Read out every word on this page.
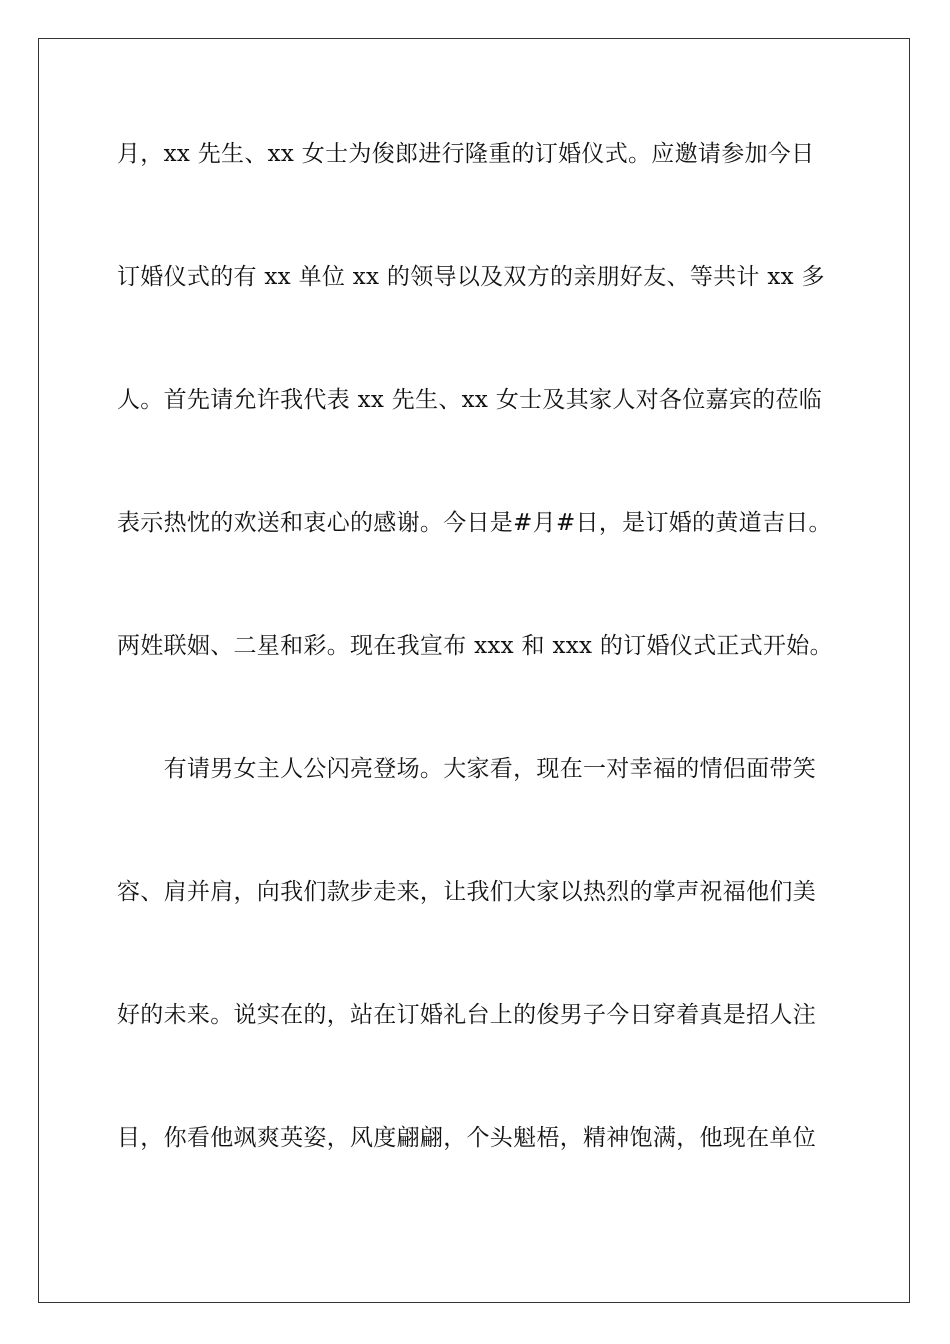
月，xx 先生、xx 女士为俊郎进行隆重的订婚仪式。应邀请参加今日
订婚仪式的有 xx 单位 xx 的领导以及双方的亲朋好友、等共计 xx 多
人。首先请允许我代表 xx 先生、xx 女士及其家人对各位嘉宾的莅临
表示热忱的欢送和衷心的感谢。今日是#月#日，是订婚的黄道吉日。
两姓联姻、二星和彩。现在我宣布 xxx 和 xxx 的订婚仪式正式开始。
　　有请男女主人公闪亮登场。大家看，现在一对幸福的情侣面带笑
容、肩并肩，向我们款步走来，让我们大家以热烈的掌声祝福他们美
好的未来。说实在的，站在订婚礼台上的俊男子今日穿着真是招人注
目，你看他飒爽英姿，风度翩翩，个头魁梧，精神饱满，他现在单位
